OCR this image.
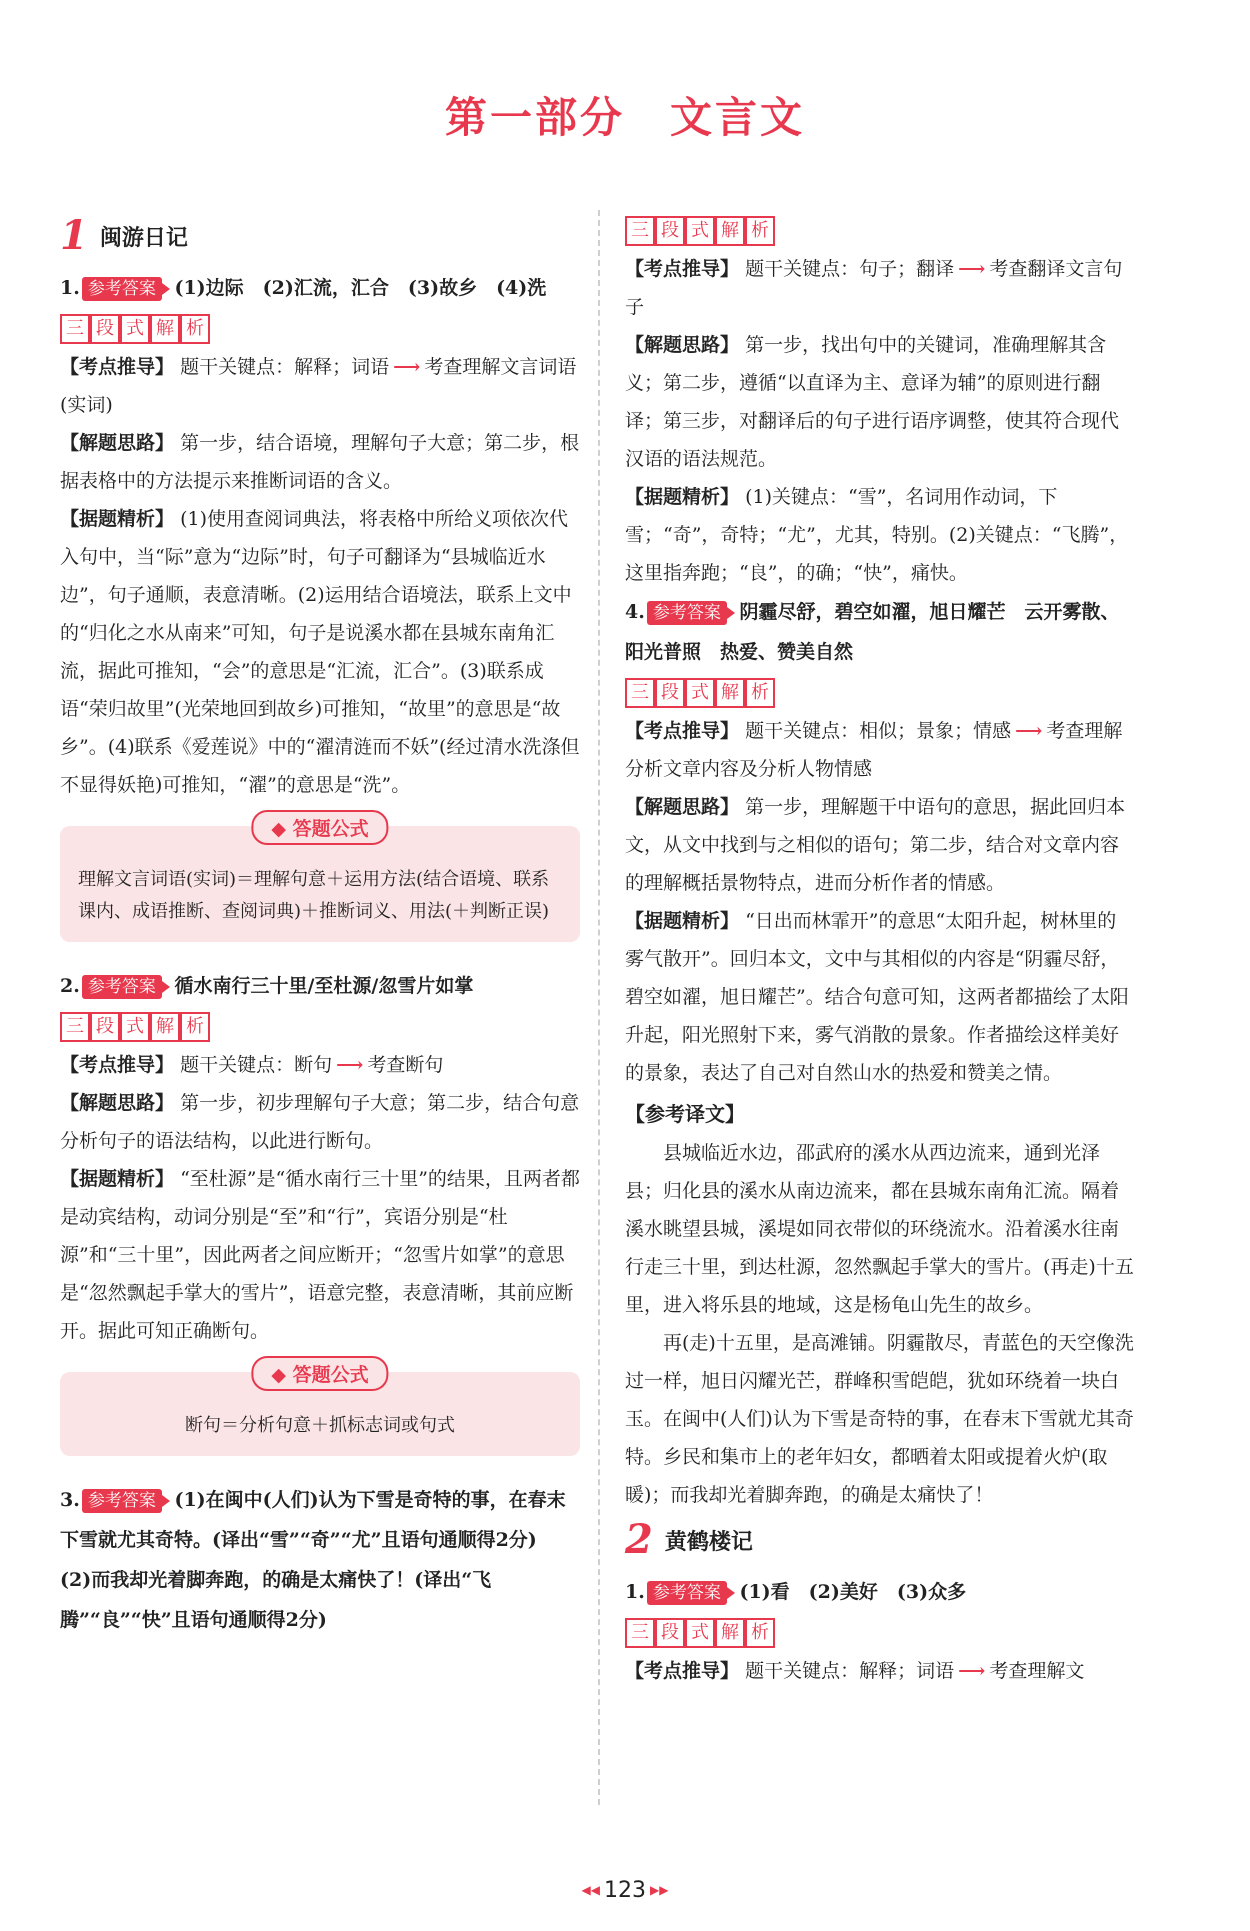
第一部分　文言文
1 闽游日记

1. 参考答案 (1)边际　(2)汇流，汇合　(3)故乡　(4)洗

三 段 式 解 析

【考点推导】 题干关键点：解释；词语 ⟶ 考查理解文言词语(实词)

【解题思路】 第一步，结合语境，理解句子大意；第二步，根据表格中的方法提示来推断词语的含义。

【据题精析】 (1)使用查阅词典法，将表格中所给义项依次代入句中，当“际”意为“边际”时，句子可翻译为“县城临近水边”，句子通顺，表意清晰。(2)运用结合语境法，联系上文中的“归化之水从南来”可知，句子是说溪水都在县城东南角汇流，据此可推知，“会”的意思是“汇流，汇合”。(3)联系成语“荣归故里”(光荣地回到故乡)可推知，“故里”的意思是“故乡”。(4)联系《爱莲说》中的“濯清涟而不妖”(经过清水洗涤但不显得妖艳)可推知，“濯”的意思是“洗”。

◆ 答题公式

理解文言词语(实词)＝理解句意＋运用方法(结合语境、联系课内、成语推断、查阅词典)＋推断词义、用法(＋判断正误)

2. 参考答案 循水南行三十里/至杜源/忽雪片如掌

三 段 式 解 析

【考点推导】 题干关键点：断句 ⟶ 考查断句

【解题思路】 第一步，初步理解句子大意；第二步，结合句意分析句子的语法结构，以此进行断句。

【据题精析】 “至杜源”是“循水南行三十里”的结果，且两者都是动宾结构，动词分别是“至”和“行”，宾语分别是“杜源”和“三十里”，因此两者之间应断开；“忽雪片如掌”的意思是“忽然飘起手掌大的雪片”，语意完整，表意清晰，其前应断开。据此可知正确断句。

◆ 答题公式

断句＝分析句意＋抓标志词或句式

3. 参考答案 (1)在闽中(人们)认为下雪是奇特的事，在春末下雪就尤其奇特。(译出“雪”“奇”“尤”且语句通顺得2分)

(2)而我却光着脚奔跑，的确是太痛快了！(译出“飞腾”“良”“快”且语句通顺得2分)

三 段 式 解 析

【考点推导】 题干关键点：句子；翻译 ⟶ 考查翻译文言句子

【解题思路】 第一步，找出句中的关键词，准确理解其含义；第二步，遵循“以直译为主、意译为辅”的原则进行翻译；第三步，对翻译后的句子进行语序调整，使其符合现代汉语的语法规范。

【据题精析】 (1)关键点：“雪”，名词用作动词，下雪；“奇”，奇特；“尤”，尤其，特别。(2)关键点：“飞腾”，这里指奔跑；“良”，的确；“快”，痛快。

4. 参考答案 阴霾尽舒，碧空如濯，旭日耀芒　云开雾散、阳光普照　热爱、赞美自然

三 段 式 解 析

【考点推导】 题干关键点：相似；景象；情感 ⟶ 考查理解分析文章内容及分析人物情感

【解题思路】 第一步，理解题干中语句的意思，据此回归本文，从文中找到与之相似的语句；第二步，结合对文章内容的理解概括景物特点，进而分析作者的情感。

【据题精析】 “日出而林霏开”的意思“太阳升起，树林里的雾气散开”。回归本文，文中与其相似的内容是“阴霾尽舒，碧空如濯，旭日耀芒”。结合句意可知，这两者都描绘了太阳升起，阳光照射下来，雾气消散的景象。作者描绘这样美好的景象，表达了自己对自然山水的热爱和赞美之情。

【参考译文】

县城临近水边，邵武府的溪水从西边流来，通到光泽县；归化县的溪水从南边流来，都在县城东南角汇流。隔着溪水眺望县城，溪堤如同衣带似的环绕流水。沿着溪水往南行走三十里，到达杜源，忽然飘起手掌大的雪片。(再走)十五里，进入将乐县的地域，这是杨龟山先生的故乡。

再(走)十五里，是高滩铺。阴霾散尽，青蓝色的天空像洗过一样，旭日闪耀光芒，群峰积雪皑皑，犹如环绕着一块白玉。在闽中(人们)认为下雪是奇特的事，在春末下雪就尤其奇特。乡民和集市上的老年妇女，都晒着太阳或提着火炉(取暖)；而我却光着脚奔跑，的确是太痛快了！

2 黄鹤楼记

1. 参考答案 (1)看　(2)美好　(3)众多

三 段 式 解 析

【考点推导】 题干关键点：解释；词语 ⟶ 考查理解文

◀◀ 123 ▶▶
